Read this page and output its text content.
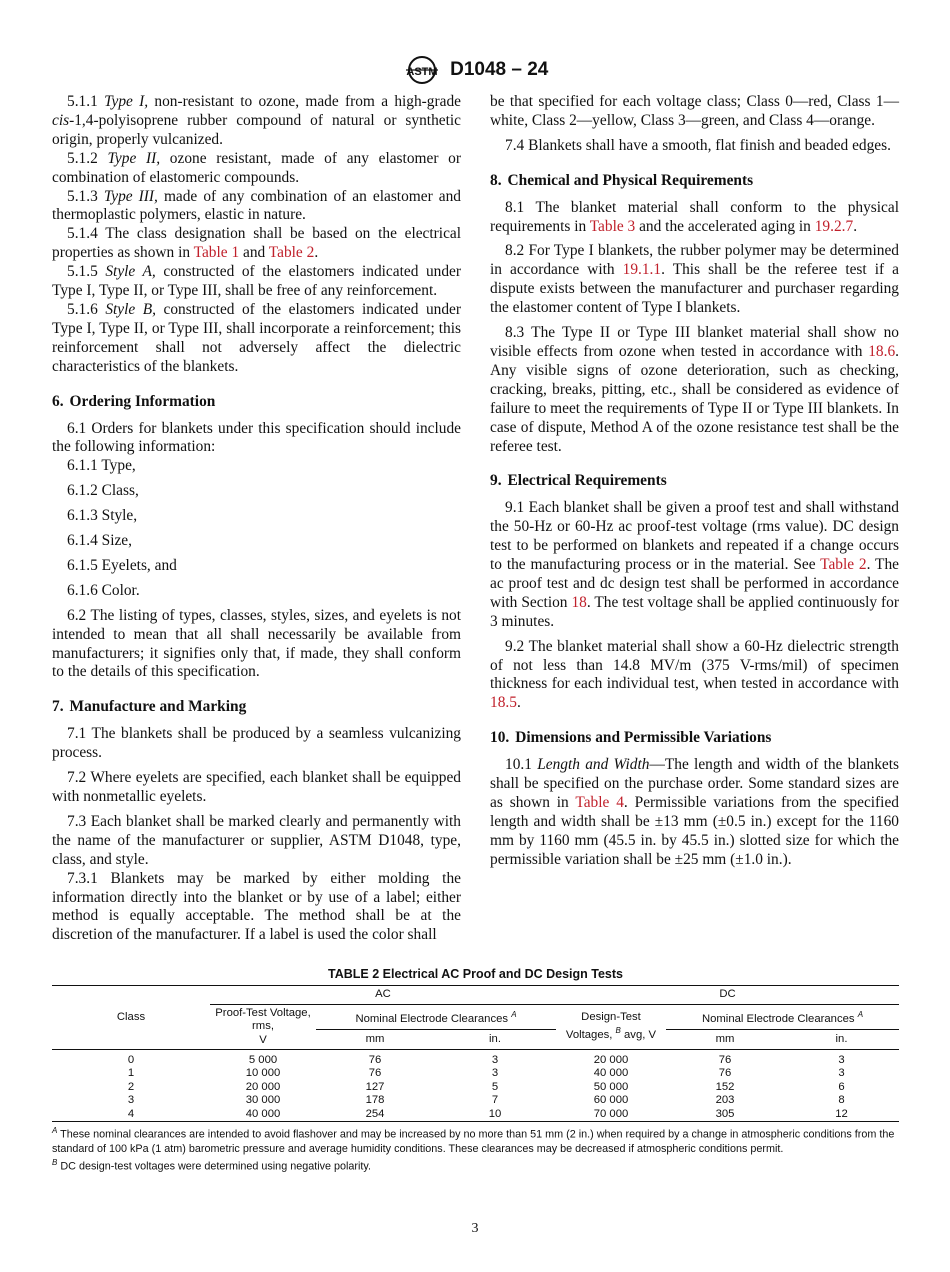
ASTM D1048 – 24

5.1.1 Type I, non-resistant to ozone, made from a high-grade cis-1,4-polyisoprene rubber compound of natural or synthetic origin, properly vulcanized.

5.1.2 Type II, ozone resistant, made of any elastomer or combination of elastomeric compounds.

5.1.3 Type III, made of any combination of an elastomer and thermoplastic polymers, elastic in nature.

5.1.4 The class designation shall be based on the electrical properties as shown in Table 1 and Table 2.

5.1.5 Style A, constructed of the elastomers indicated under Type I, Type II, or Type III, shall be free of any reinforcement.

5.1.6 Style B, constructed of the elastomers indicated under Type I, Type II, or Type III, shall incorporate a reinforcement; this reinforcement shall not adversely affect the dielectric characteristics of the blankets.

6. Ordering Information

6.1 Orders for blankets under this specification should include the following information:

6.1.1 Type,

6.1.2 Class,

6.1.3 Style,

6.1.4 Size,

6.1.5 Eyelets, and

6.1.6 Color.

6.2 The listing of types, classes, styles, sizes, and eyelets is not intended to mean that all shall necessarily be available from manufacturers; it signifies only that, if made, they shall conform to the details of this specification.

7. Manufacture and Marking

7.1 The blankets shall be produced by a seamless vulcanizing process.

7.2 Where eyelets are specified, each blanket shall be equipped with nonmetallic eyelets.

7.3 Each blanket shall be marked clearly and permanently with the name of the manufacturer or supplier, ASTM D1048, type, class, and style.

7.3.1 Blankets may be marked by either molding the information directly into the blanket or by use of a label; either method is equally acceptable. The method shall be at the discretion of the manufacturer. If a label is used the color shall

be that specified for each voltage class; Class 0—red, Class 1—white, Class 2—yellow, Class 3—green, and Class 4—orange.

7.4 Blankets shall have a smooth, flat finish and beaded edges.

8. Chemical and Physical Requirements

8.1 The blanket material shall conform to the physical requirements in Table 3 and the accelerated aging in 19.2.7.

8.2 For Type I blankets, the rubber polymer may be determined in accordance with 19.1.1. This shall be the referee test if a dispute exists between the manufacturer and purchaser regarding the elastomer content of Type I blankets.

8.3 The Type II or Type III blanket material shall show no visible effects from ozone when tested in accordance with 18.6. Any visible signs of ozone deterioration, such as checking, cracking, breaks, pitting, etc., shall be considered as evidence of failure to meet the requirements of Type II or Type III blankets. In case of dispute, Method A of the ozone resistance test shall be the referee test.

9. Electrical Requirements

9.1 Each blanket shall be given a proof test and shall withstand the 50-Hz or 60-Hz ac proof-test voltage (rms value). DC design test to be performed on blankets and repeated if a change occurs to the manufacturing process or in the material. See Table 2. The ac proof test and dc design test shall be performed in accordance with Section 18. The test voltage shall be applied continuously for 3 minutes.

9.2 The blanket material shall show a 60-Hz dielectric strength of not less than 14.8 MV/m (375 V-rms/mil) of specimen thickness for each individual test, when tested in accordance with 18.5.

10. Dimensions and Permissible Variations

10.1 Length and Width—The length and width of the blankets shall be specified on the purchase order. Some standard sizes are as shown in Table 4. Permissible variations from the specified length and width shall be ±13 mm (±0.5 in.) except for the 1160 mm by 1160 mm (45.5 in. by 45.5 in.) slotted size for which the permissible variation shall be ±25 mm (±1.0 in.).

TABLE 2 Electrical AC Proof and DC Design Tests

Class	AC			DC		
	Proof-Test Voltage, rms,
V	Nominal Electrode Clearances $^A$		Design-Test Voltages, $^B$ avg, V	Nominal Electrode Clearances $^A$
		mm	in.		mm	in.

0	5 000	76	3	20 000	76	3
1	10 000	76	3	40 000	76	3
2	20 000	127	5	50 000	152	6
3	30 000	178	7	60 000	203	8
4	40 000	254	10	70 000	305	12
$^A$ These nominal clearances are intended to avoid flashover and may be increased by no more than 51 mm (2 in.) when required by a change in atmospheric conditions from the standard of 100 kPa (1 atm) barometric pressure and average humidity conditions. These clearances may be decreased if atmospheric conditions permit.
$^B$ DC design-test voltages were determined using negative polarity.
3
